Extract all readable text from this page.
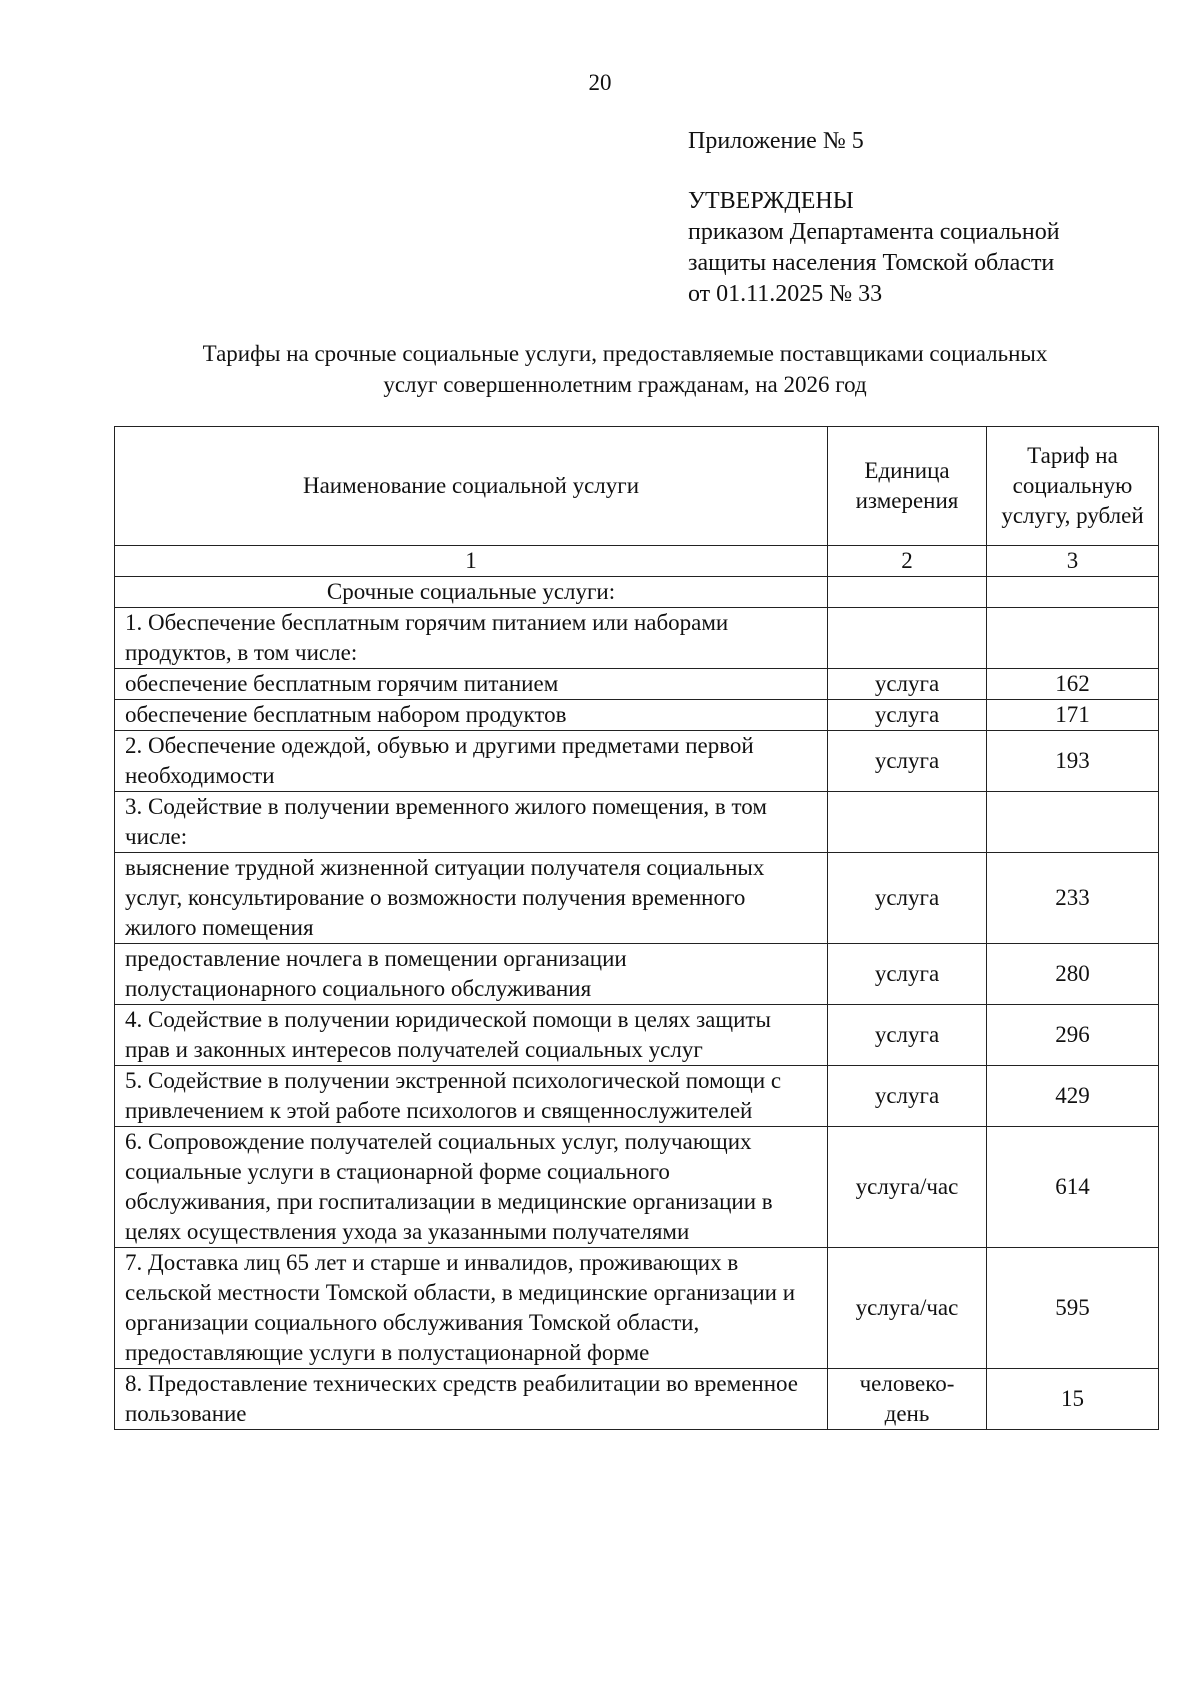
20
Приложение № 5
УТВЕРЖДЕНЫ
приказом Департамента социальной
защиты населения Томской области
от 01.11.2025 № 33
Тарифы на срочные социальные услуги, предоставляемые поставщиками социальных
услуг совершеннолетним гражданам, на 2026 год
Наименование социальной услуги	Единица измерения	Тариф на социальную услугу, рублей
1	2	3
Срочные социальные услуги:		
1. Обеспечение бесплатным горячим питанием или наборами продуктов, в том числе:		
обеспечение бесплатным горячим питанием	услуга	162
обеспечение бесплатным набором продуктов	услуга	171
2. Обеспечение одеждой, обувью и другими предметами первой необходимости	услуга	193
3. Содействие в получении временного жилого помещения, в том числе:		
выяснение трудной жизненной ситуации получателя социальных услуг, консультирование о возможности получения временного жилого помещения	услуга	233
предоставление ночлега в помещении организации полустационарного социального обслуживания	услуга	280
4. Содействие в получении юридической помощи в целях защиты прав и законных интересов получателей социальных услуг	услуга	296
5. Содействие в получении экстренной психологической помощи с привлечением к этой работе психологов и священнослужителей	услуга	429
6. Сопровождение получателей социальных услуг, получающих социальные услуги в стационарной форме социального обслуживания, при госпитализации в медицинские организации в целях осуществления ухода за указанными получателями	услуга/час	614
7. Доставка лиц 65 лет и старше и инвалидов, проживающих в сельской местности Томской области, в медицинские организации и организации социального обслуживания Томской области, предоставляющие услуги в полустационарной форме	услуга/час	595
8. Предоставление технических средств реабилитации во временное пользование	человеко-день	15
